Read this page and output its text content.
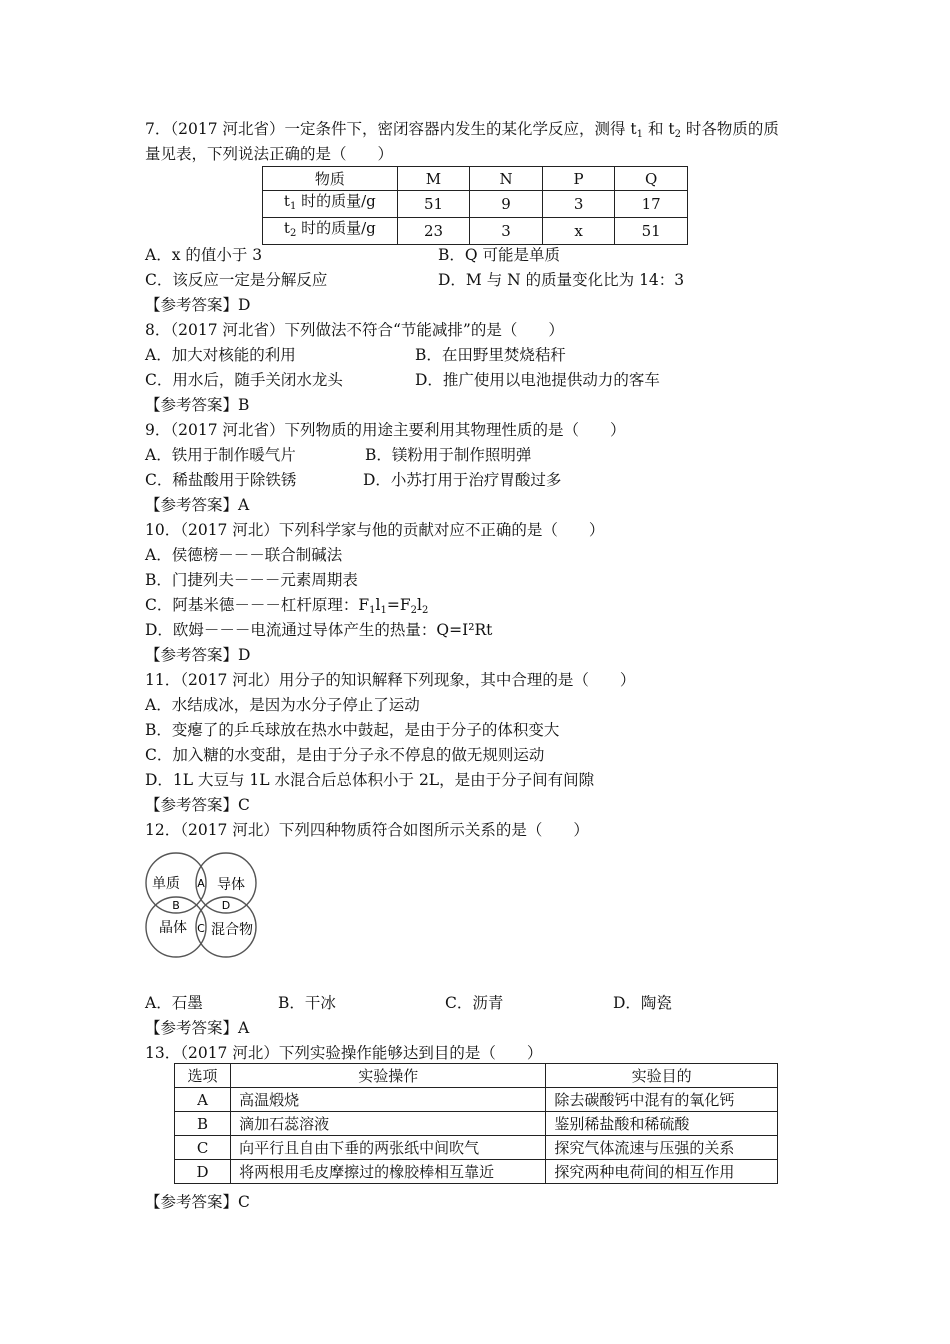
7．（2017 河北省）一定条件下，密闭容器内发生的某化学反应，测得 $t_1$ 和 $t_2$ 时各物质的质
量见表，下列说法正确的是（　　）
物质	M	N	P	Q
$t_1$ 时的质量/g	51	9	3	17
$t_2$ 时的质量/g	23	3	x	51
A．x 的值小于 3	B．Q 可能是单质
C．该反应一定是分解反应	D．M 与 N 的质量变化比为 14：3
【参考答案】D
8．（2017 河北省）下列做法不符合“节能减排”的是（　　）
A．加大对核能的利用	B．在田野里焚烧秸秆
C．用水后，随手关闭水龙头	D．推广使用以电池提供动力的客车
【参考答案】B
9．（2017 河北省）下列物质的用途主要利用其物理性质的是（　　）
A．铁用于制作暖气片	B．镁粉用于制作照明弹
C．稀盐酸用于除铁锈	D．小苏打用于治疗胃酸过多
【参考答案】A
10．（2017 河北）下列科学家与他的贡献对应不正确的是（　　）
A．侯德榜－－－联合制碱法
B．门捷列夫－－－元素周期表
C．阿基米德－－－杠杆原理：$F_1l_1=F_2l_2$
D．欧姆－－－电流通过导体产生的热量：Q=I²Rt
【参考答案】D
11．（2017 河北）用分子的知识解释下列现象，其中合理的是（　　）
A．水结成冰，是因为水分子停止了运动
B．变瘪了的乒乓球放在热水中鼓起，是由于分子的体积变大
C．加入糖的水变甜，是由于分子永不停息的做无规则运动
D．1L 大豆与 1L 水混合后总体积小于 2L，是由于分子间有间隙
【参考答案】C
12．（2017 河北）下列四种物质符合如图所示关系的是（　　）
单质	导体
晶体 混合物
A
B
C
D
A．石墨	B．干冰	C．沥青	D．陶瓷
【参考答案】A
13．（2017 河北）下列实验操作能够达到目的是（　　）
选项	实验操作	实验目的
A	高温煅烧	除去碳酸钙中混有的氧化钙
B	滴加石蕊溶液	鉴别稀盐酸和稀硫酸
C	向平行且自由下垂的两张纸中间吹气	探究气体流速与压强的关系
D	将两根用毛皮摩擦过的橡胶棒相互靠近	探究两种电荷间的相互作用
【参考答案】C
